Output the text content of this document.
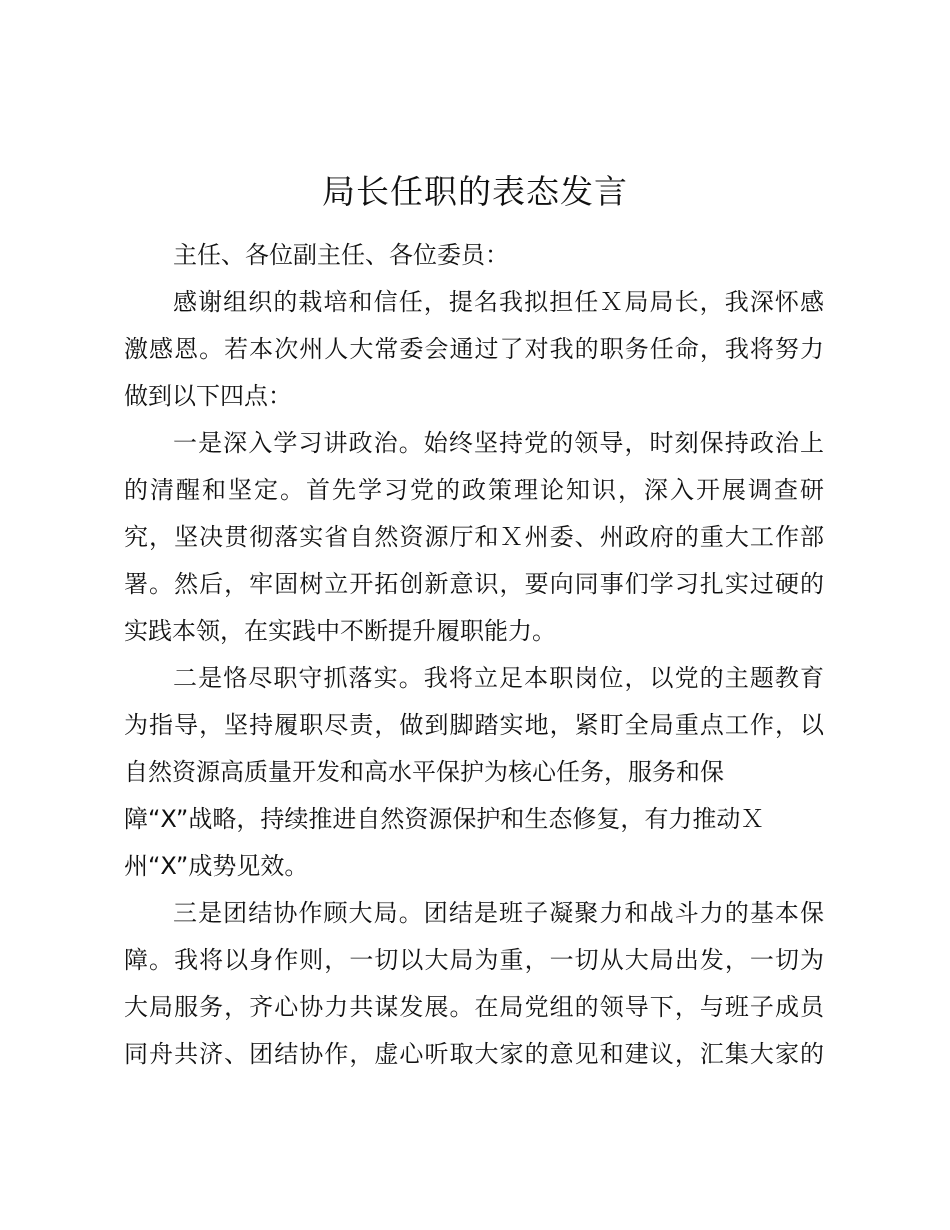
局长任职的表态发言
主任、各位副主任、各位委员：
感谢组织的栽培和信任，提名我拟担任Ｘ局局长，我深怀感
激感恩。若本次州人大常委会通过了对我的职务任命，我将努力
做到以下四点：
一是深入学习讲政治。始终坚持党的领导，时刻保持政治上
的清醒和坚定。首先学习党的政策理论知识，深入开展调查研
究，坚决贯彻落实省自然资源厅和Ｘ州委、州政府的重大工作部
署。然后，牢固树立开拓创新意识，要向同事们学习扎实过硬的
实践本领，在实践中不断提升履职能力。
二是恪尽职守抓落实。我将立足本职岗位，以党的主题教育
为指导，坚持履职尽责，做到脚踏实地，紧盯全局重点工作，以
自然资源高质量开发和高水平保护为核心任务，服务和保
障“X”战略，持续推进自然资源保护和生态修复，有力推动Ｘ
州“X”成势见效。
三是团结协作顾大局。团结是班子凝聚力和战斗力的基本保
障。我将以身作则，一切以大局为重，一切从大局出发，一切为
大局服务，齐心协力共谋发展。在局党组的领导下，与班子成员
同舟共济、团结协作，虚心听取大家的意见和建议，汇集大家的
